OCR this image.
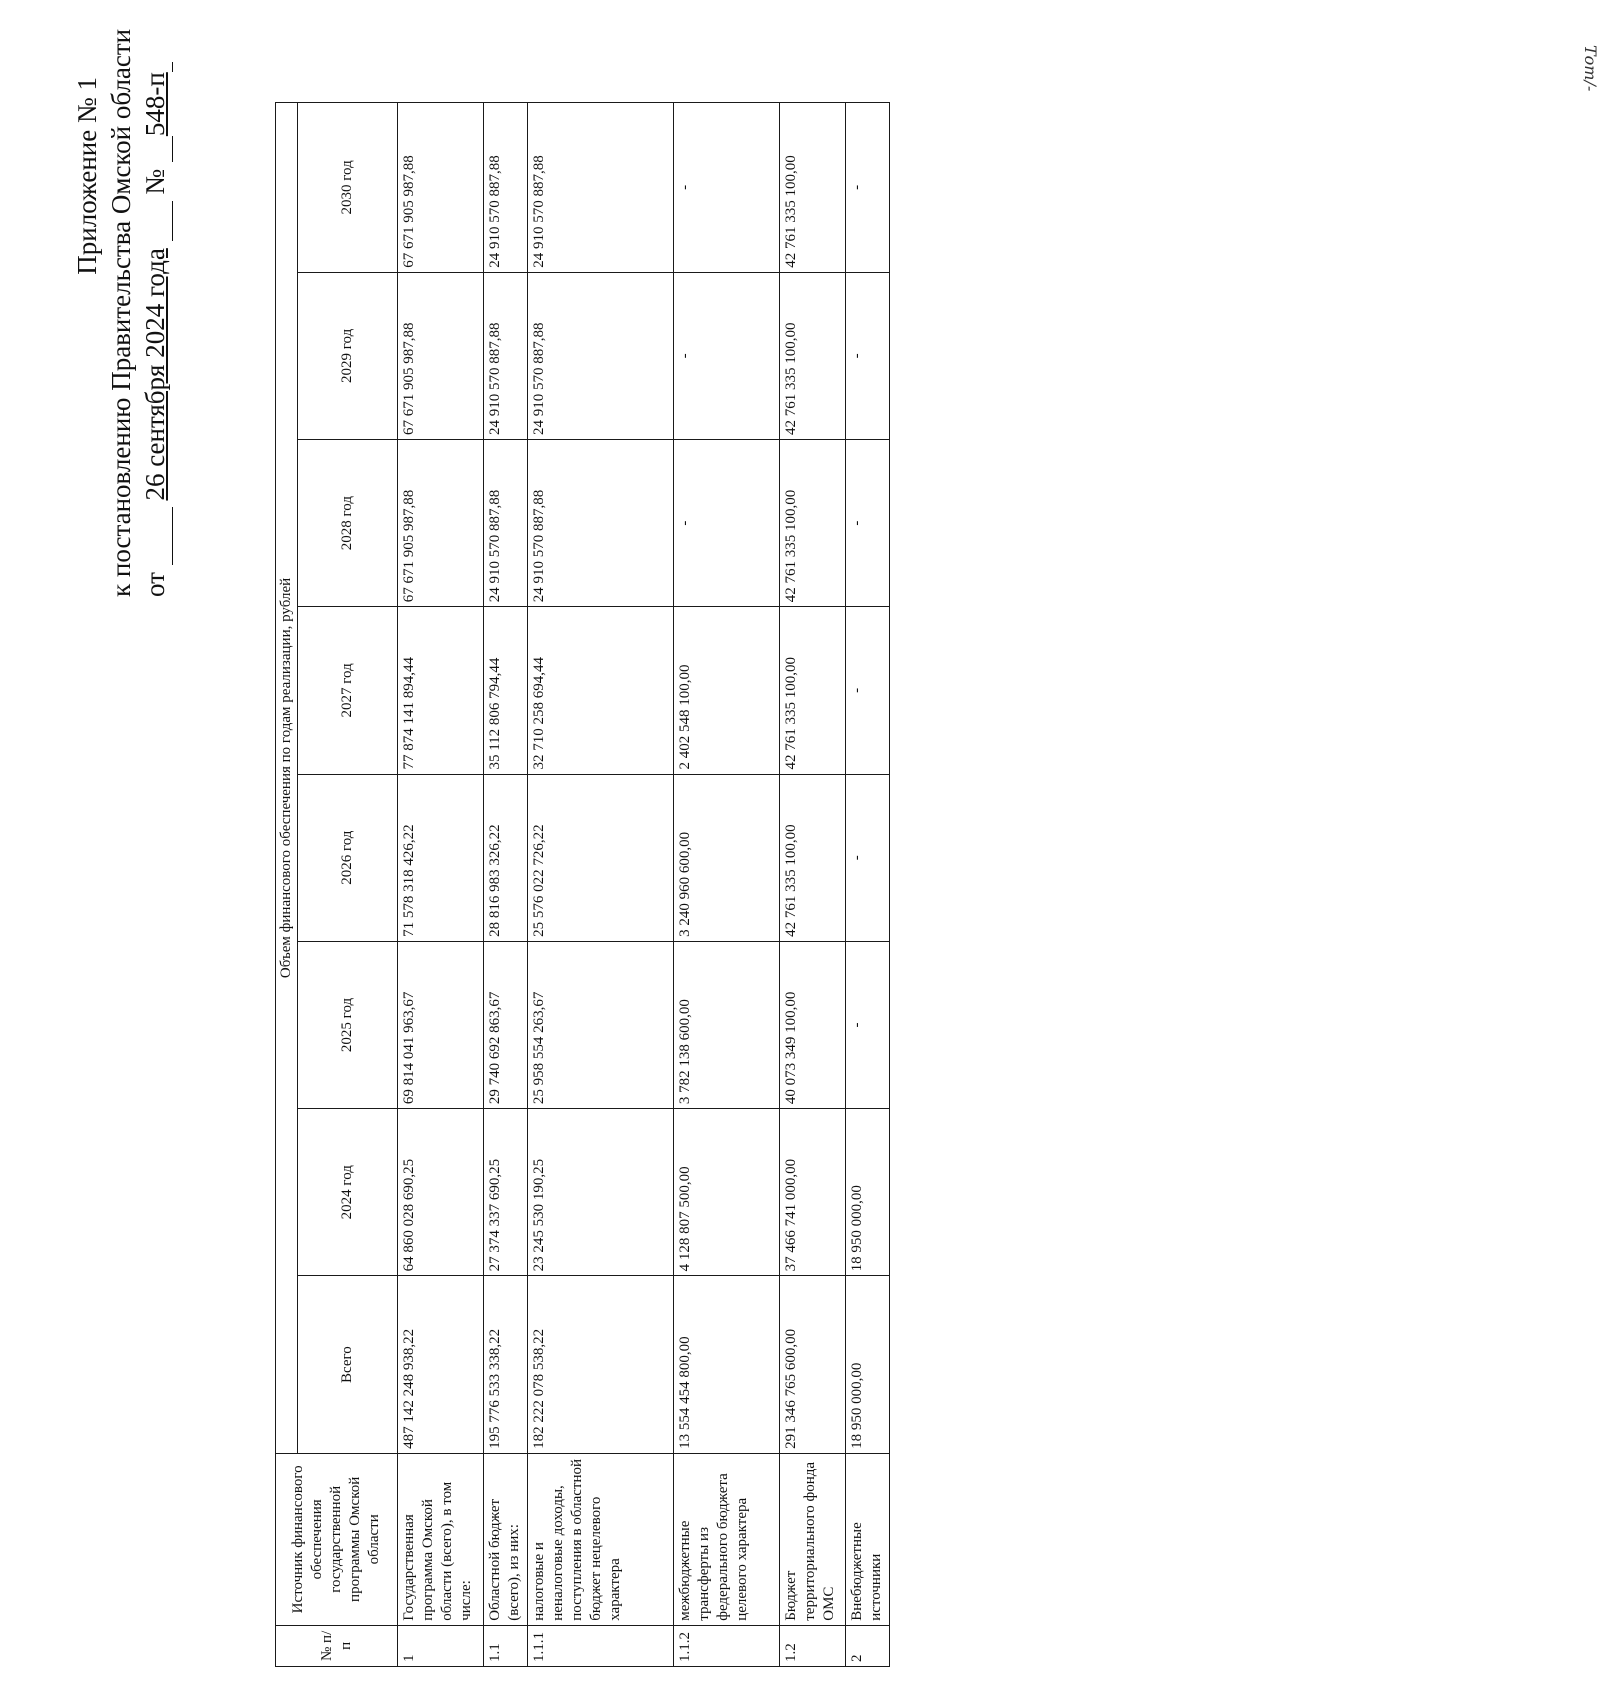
Приложение № 1 к постановлению Правительства Омской области от   26 сентября 2024 года   №  548-п
№ п/п	Источник финансового обеспечения государственной программы Омской области	Объем финансового обеспечения по годам реализации, рублей							
		Всего	2024 год	2025 год	2026 год	2027 год	2028 год	2029 год	2030 год
1	Государственная программа Омской области (всего), в том числе:	487 142 248 938,22	64 860 028 690,25	69 814 041 963,67	71 578 318 426,22	77 874 141 894,44	67 671 905 987,88	67 671 905 987,88	67 671 905 987,88
1.1	Областной бюджет (всего), из них:	195 776 533 338,22	27 374 337 690,25	29 740 692 863,67	28 816 983 326,22	35 112 806 794,44	24 910 570 887,88	24 910 570 887,88	24 910 570 887,88
1.1.1	налоговые и неналоговые доходы, поступления в областной бюджет нецелевого характера	182 222 078 538,22	23 245 530 190,25	25 958 554 263,67	25 576 022 726,22	32 710 258 694,44	24 910 570 887,88	24 910 570 887,88	24 910 570 887,88
1.1.2	межбюджетные трансферты из федерального бюджета целевого характера	13 554 454 800,00	4 128 807 500,00	3 782 138 600,00	3 240 960 600,00	2 402 548 100,00	-	-	-
1.2	Бюджет территориального фонда ОМС	291 346 765 600,00	37 466 741 000,00	40 073 349 100,00	42 761 335 100,00	42 761 335 100,00	42 761 335 100,00	42 761 335 100,00	42 761 335 100,00
2	Внебюджетные источники	18 950 000,00	18 950 000,00	-	-	-	-	-	-
Тоm/-
